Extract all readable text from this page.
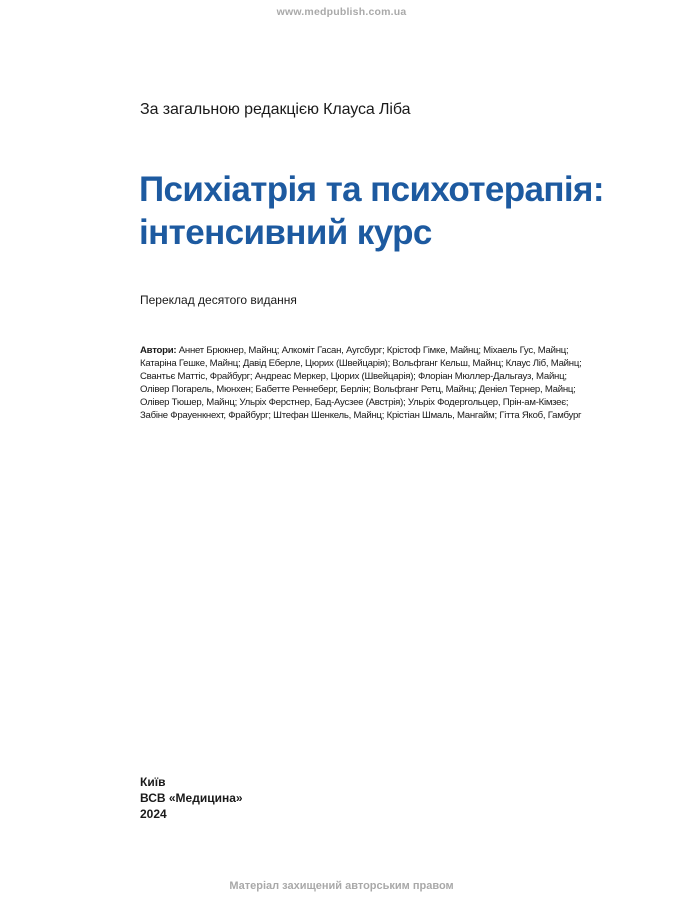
www.medpublish.com.ua
За загальною редакцією Клауса Ліба
Психіатрія та психотерапія:
інтенсивний курс
Переклад десятого видання
Автори: Аннет Брюкнер, Майнц; Алкоміт Гасан, Аугсбург; Крістоф Гімке, Майнц; Міхаель Гус, Майнц; Катаріна Гешке, Майнц; Давід Еберле, Цюрих (Швейцарія); Вольфганг Кельш, Майнц; Клаус Ліб, Майнц; Свантьє Маттіс, Фрайбург; Андреас Меркер, Цюрих (Швейцарія); Флоріан Мюллер-Дальгауз, Майнц; Олівер Погарель, Мюнхен; Бабетте Реннеберг, Берлін; Вольфганг Ретц, Майнц; Деніел Тернер, Майнц; Олівер Тюшер, Майнц; Ульріх Ферстнер, Бад-Аусзее (Австрія); Ульріх Фодергольцер, Прін-ам-Кімзеє; Забіне Фрауенкнехт, Фрайбург; Штефан Шенкель, Майнц; Крістіан Шмаль, Мангайм; Гітта Якоб, Гамбург
Київ
ВСВ «Медицина»
2024
Матеріал захищений авторським правом
